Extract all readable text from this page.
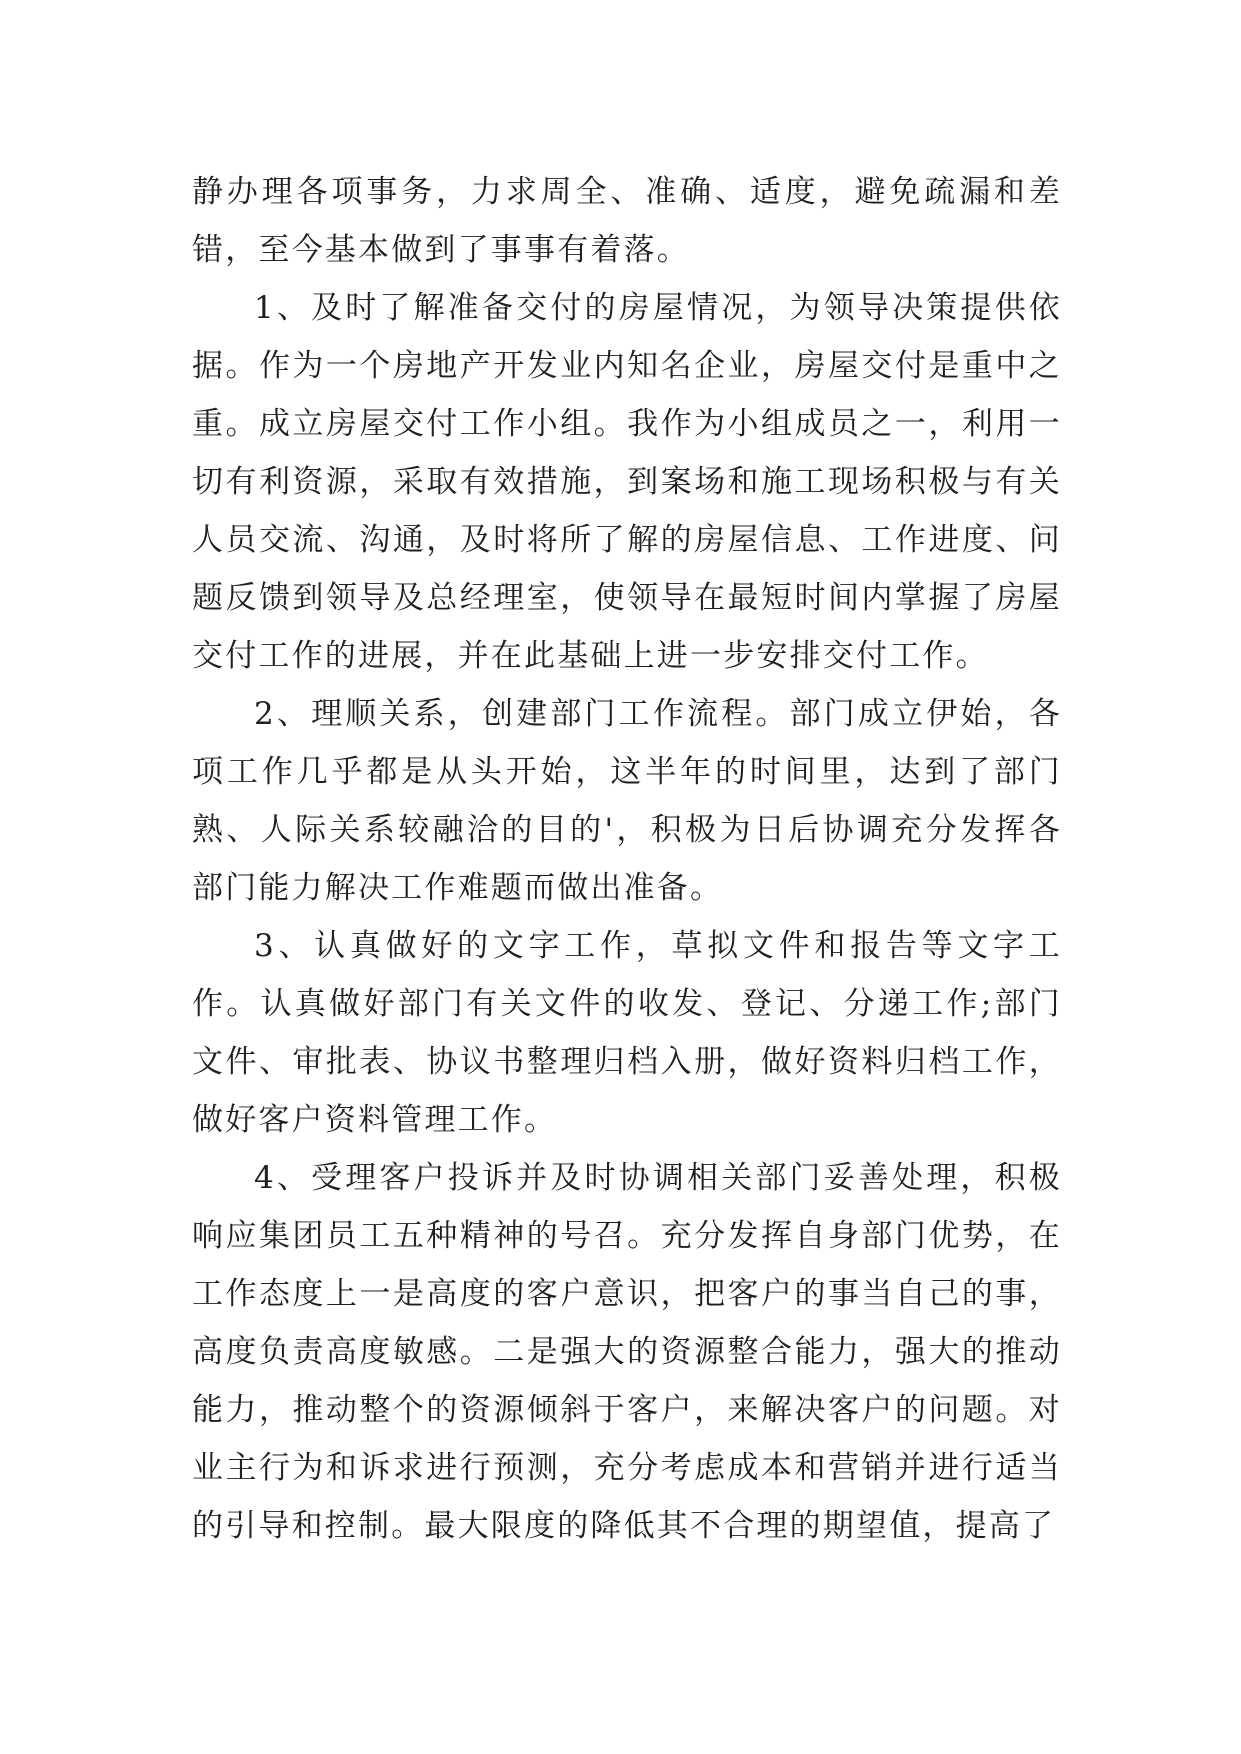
静办理各项事务，力求周全、准确、适度，避免疏漏和差错，至今基本做到了事事有着落。

1、及时了解准备交付的房屋情况，为领导决策提供依据。作为一个房地产开发业内知名企业，房屋交付是重中之重。成立房屋交付工作小组。我作为小组成员之一，利用一切有利资源，采取有效措施，到案场和施工现场积极与有关人员交流、沟通，及时将所了解的房屋信息、工作进度、问题反馈到领导及总经理室，使领导在最短时间内掌握了房屋交付工作的进展，并在此基础上进一步安排交付工作。

2、理顺关系，创建部门工作流程。部门成立伊始，各项工作几乎都是从头开始，这半年的时间里，达到了部门熟、人际关系较融洽的目的'，积极为日后协调充分发挥各部门能力解决工作难题而做出准备。

3、认真做好的文字工作，草拟文件和报告等文字工作。认真做好部门有关文件的收发、登记、分递工作;部门文件、审批表、协议书整理归档入册，做好资料归档工作，做好客户资料管理工作。

4、受理客户投诉并及时协调相关部门妥善处理，积极响应集团员工五种精神的号召。充分发挥自身部门优势，在工作态度上一是高度的客户意识，把客户的事当自己的事，高度负责高度敏感。二是强大的资源整合能力，强大的推动能力，推动整个的资源倾斜于客户，来解决客户的问题。对业主行为和诉求进行预测，充分考虑成本和营销并进行适当的引导和控制。最大限度的降低其不合理的期望值，提高了
